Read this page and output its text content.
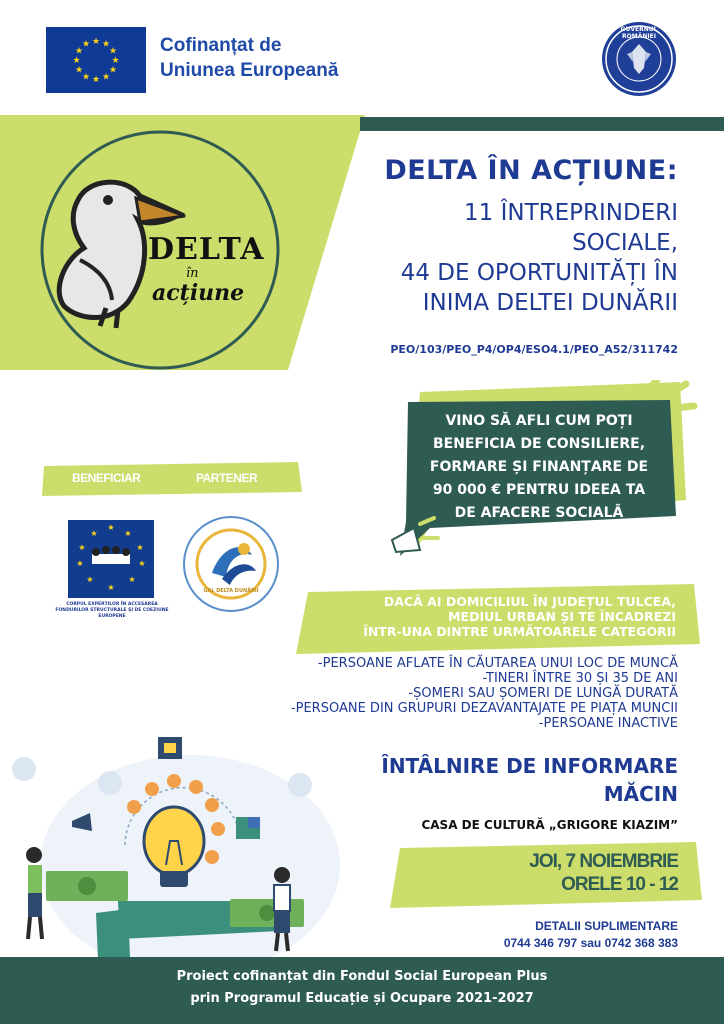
★ ★
★
★
★
★
★
★
★
★
★
★	Cofinanțat de
Uniunea Europeană
GUVERNUL ROMÂNIEI
DELTA
în
acțiune
DELTA ÎN ACȚIUNE:
11 ÎNTREPRINDERI
SOCIALE,
44 DE OPORTUNITĂȚI ÎN
INIMA DELTEI DUNĂRII
PEO/103/PEO_P4/OP4/ESO4.1/PEO_A52/311742
VINO SĂ AFLI CUM POȚI
BENEFICIA DE CONSILIERE,
FORMARE ȘI FINANȚARE DE
90 000 € PENTRU IDEEA TA
DE AFACERE SOCIALĂ
BENEFICIAR	PARTENER
★
★
★
★
★
★
★
★
★
★
CORPUL EXPERȚILOR ÎN ACCESAREA FONDURILOR STRUCTURALE ȘI DE COEZIUNE EUROPENE
GAL DELTA DUNĂRII
DACĂ AI DOMICILIUL ÎN JUDEȚUL TULCEA,
MEDIUL URBAN ȘI TE ÎNCADREZI
ÎNTR-UNA DINTRE URMĂTOARELE CATEGORII
-PERSOANE AFLATE ÎN CĂUTAREA UNUI LOC DE MUNCĂ
-TINERI ÎNTRE 30 ȘI 35 DE ANI
-ȘOMERI SAU ȘOMERI DE LUNGĂ DURATĂ
-PERSOANE DIN GRUPURI DEZAVANTAJATE PE PIAȚA MUNCII
-PERSOANE INACTIVE
ÎNTÂLNIRE DE INFORMARE
MĂCIN
CASA DE CULTURĂ „GRIGORE KIAZIM”
JOI, 7 NOIEMBRIE
ORELE 10 - 12
DETALII SUPLIMENTARE
0744 346 797 sau 0742 368 383
Proiect cofinanțat din Fondul Social European Plus
prin Programul Educație și Ocupare 2021-2027
